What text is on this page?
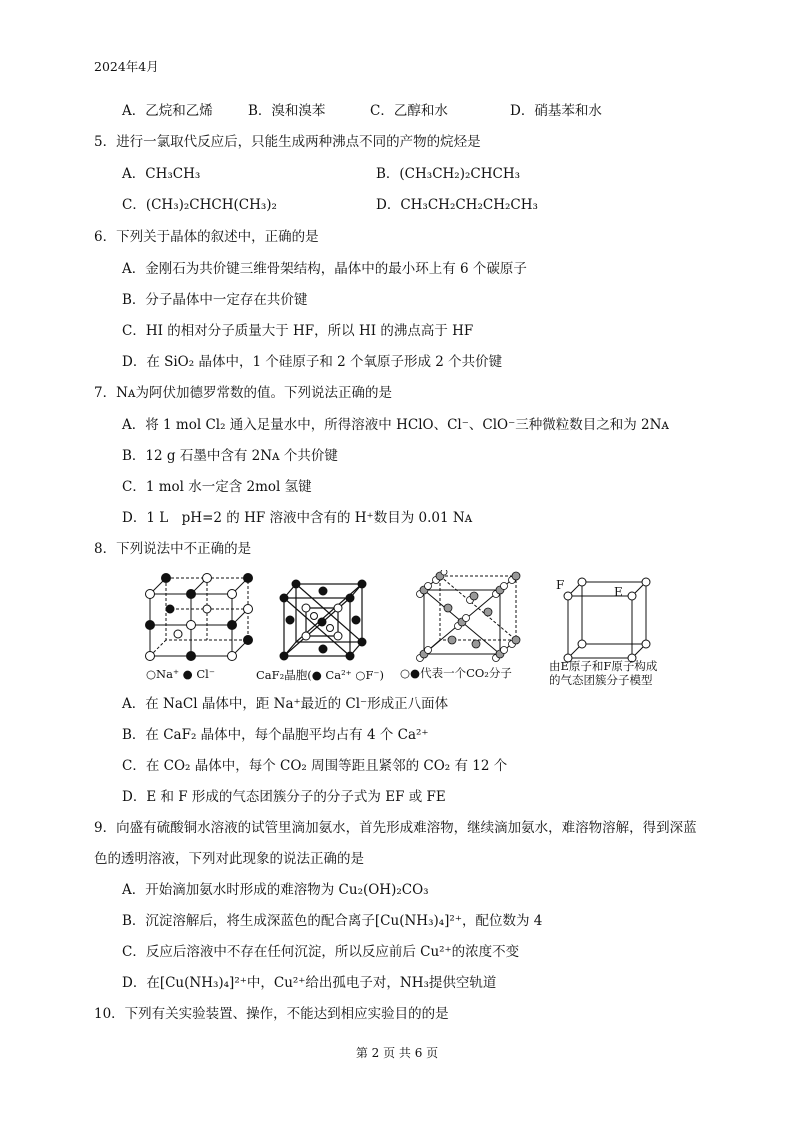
2024年4月
A．乙烷和乙烯	B．溴和溴苯	C．乙醇和水	D．硝基苯和水
5．进行一氯取代反应后，只能生成两种沸点不同的产物的烷烃是
A．CH₃CH₃	B．(CH₃CH₂)₂CHCH₃
C．(CH₃)₂CHCH(CH₃)₂	D．CH₃CH₂CH₂CH₂CH₃
6．下列关于晶体的叙述中，正确的是
A．金刚石为共价键三维骨架结构，晶体中的最小环上有 6 个碳原子
B．分子晶体中一定存在共价键
C．HI 的相对分子质量大于 HF，所以 HI 的沸点高于 HF
D．在 SiO₂ 晶体中，1 个硅原子和 2 个氧原子形成 2 个共价键
7．Nᴀ为阿伏加德罗常数的值。下列说法正确的是
A．将 1 mol Cl₂ 通入足量水中，所得溶液中 HClO、Cl⁻、ClO⁻三种微粒数目之和为 2Nᴀ
B．12 g 石墨中含有 2Nᴀ 个共价键
C．1 mol 水一定含 2mol 氢键
D．1 L　pH=2 的 HF 溶液中含有的 H⁺数目为 0.01 Nᴀ
8．下列说法中不正确的是
○Na⁺ ● Cl⁻	CaF₂晶胞(● Ca²⁺ ○F⁻) ○●代表一个CO₂分子
F	E
由E原子和F原子构成
的气态团簇分子模型
A．在 NaCl 晶体中，距 Na⁺最近的 Cl⁻形成正八面体
B．在 CaF₂ 晶体中，每个晶胞平均占有 4 个 Ca²⁺
C．在 CO₂ 晶体中，每个 CO₂ 周围等距且紧邻的 CO₂ 有 12 个
D．E 和 F 形成的气态团簇分子的分子式为 EF 或 FE
9．向盛有硫酸铜水溶液的试管里滴加氨水，首先形成难溶物，继续滴加氨水，难溶物溶解，得到深蓝
色的透明溶液，下列对此现象的说法正确的是
A．开始滴加氨水时形成的难溶物为 Cu₂(OH)₂CO₃
B．沉淀溶解后，将生成深蓝色的配合离子[Cu(NH₃)₄]²⁺，配位数为 4
C．反应后溶液中不存在任何沉淀，所以反应前后 Cu²⁺的浓度不变
D．在[Cu(NH₃)₄]²⁺中，Cu²⁺给出孤电子对，NH₃提供空轨道
10．下列有关实验装置、操作，不能达到相应实验目的的是
第 2 页 共 6 页
